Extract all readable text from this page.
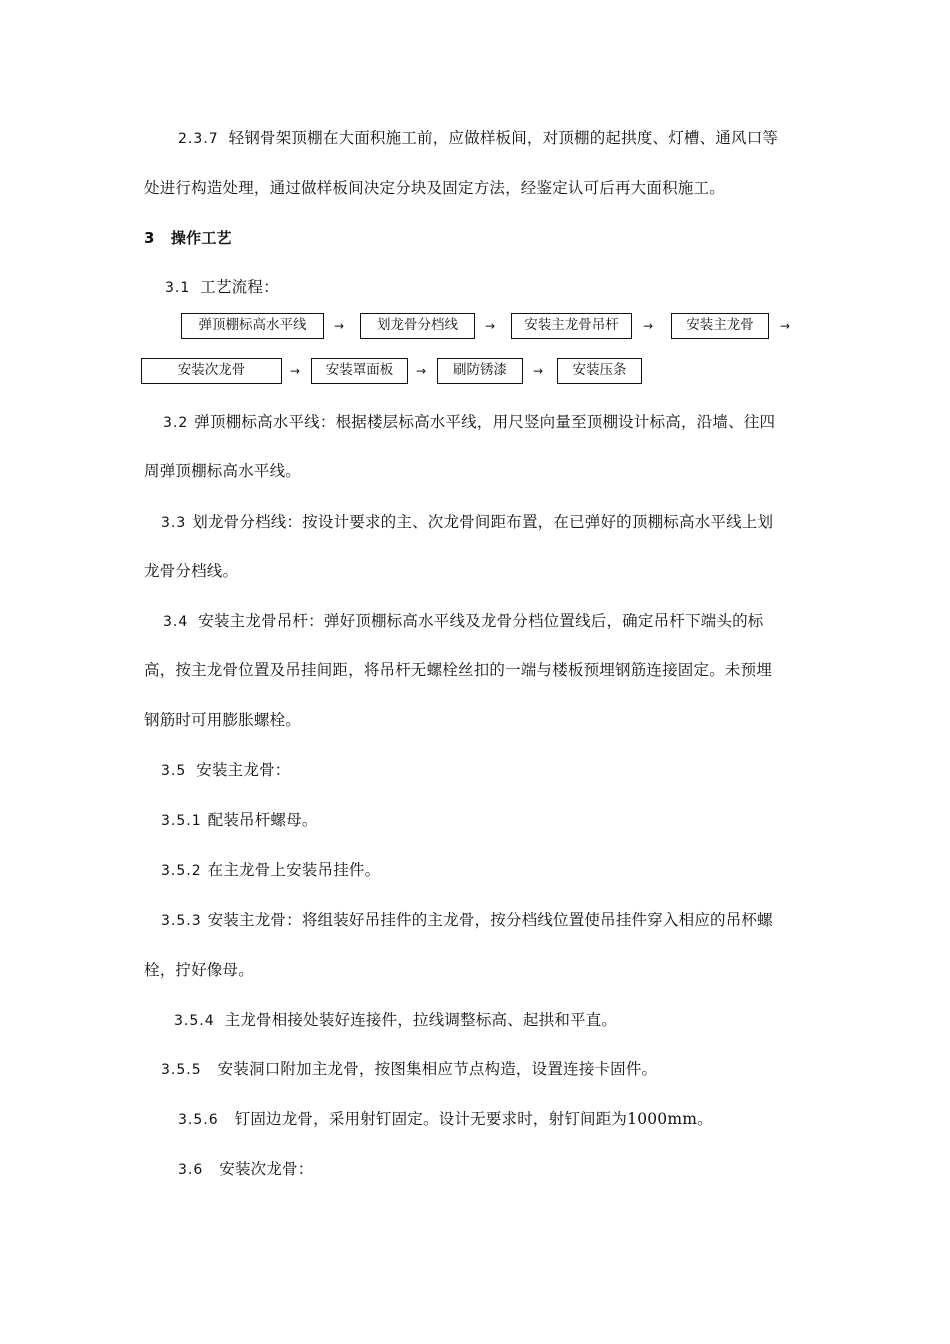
2.3.7 轻钢骨架顶棚在大面积施工前，应做样板间，对顶棚的起拱度、灯槽、通风口等
处进行构造处理，通过做样板间决定分块及固定方法，经鉴定认可后再大面积施工。
3 操作工艺
3.1 工艺流程：
弹顶棚标高水平线	→	划龙骨分档线	→	安装主龙骨吊杆	→	安装主龙骨	→
安装次龙骨	→	安装罩面板	→	刷防锈漆	→	安装压条
3.2 弹顶棚标高水平线：根据楼层标高水平线，用尺竖向量至顶棚设计标高，沿墙、往四
周弹顶棚标高水平线。
3.3 划龙骨分档线：按设计要求的主、次龙骨间距布置，在已弹好的顶棚标高水平线上划
龙骨分档线。
3.4 安装主龙骨吊杆：弹好顶棚标高水平线及龙骨分档位置线后，确定吊杆下端头的标
高，按主龙骨位置及吊挂间距，将吊杆无螺栓丝扣的一端与楼板预埋钢筋连接固定。未预埋
钢筋时可用膨胀螺栓。
3.5 安装主龙骨：
3.5.1 配装吊杆螺母。
3.5.2 在主龙骨上安装吊挂件。
3.5.3 安装主龙骨：将组装好吊挂件的主龙骨，按分档线位置使吊挂件穿入相应的吊杯螺
栓，拧好像母。
3.5.4 主龙骨相接处装好连接件，拉线调整标高、起拱和平直。
3.5.5 安装洞口附加主龙骨，按图集相应节点构造，设置连接卡固件。
3.5.6 钉固边龙骨，采用射钉固定。设计无要求时，射钉间距为1000mm。
3.6 安装次龙骨：
